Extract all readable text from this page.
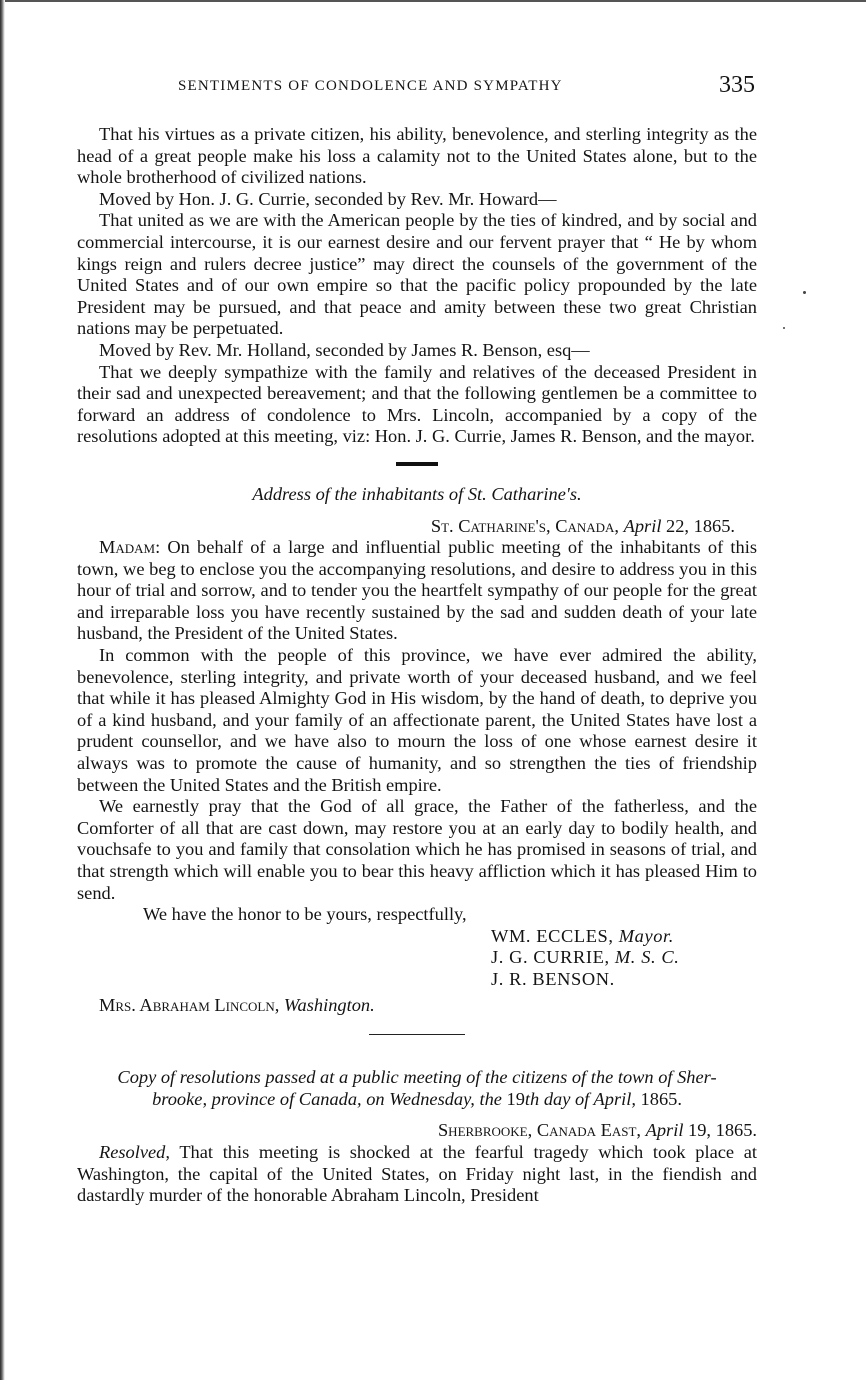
SENTIMENTS OF CONDOLENCE AND SYMPATHY	335

That his virtues as a private citizen, his ability, benevolence, and sterling integrity as the head of a great people make his loss a calamity not to the United States alone, but to the whole brotherhood of civilized nations.

Moved by Hon. J. G. Currie, seconded by Rev. Mr. Howard—

That united as we are with the American people by the ties of kindred, and by social and commercial intercourse, it is our earnest desire and our fervent prayer that “ He by whom kings reign and rulers decree justice” may direct the counsels of the government of the United States and of our own empire so that the pacific policy propounded by the late President may be pursued, and that peace and amity between these two great Christian nations may be perpetuated.

Moved by Rev. Mr. Holland, seconded by James R. Benson, esq—

That we deeply sympathize with the family and relatives of the deceased President in their sad and unexpected bereavement; and that the following gentlemen be a committee to forward an address of condolence to Mrs. Lincoln, accompanied by a copy of the resolutions adopted at this meeting, viz: Hon. J. G. Currie, James R. Benson, and the mayor.

Address of the inhabitants of St. Catharine's.

St. Catharine's, Canada, April 22, 1865.

Madam: On behalf of a large and influential public meeting of the inhabitants of this town, we beg to enclose you the accompanying resolutions, and desire to address you in this hour of trial and sorrow, and to tender you the heartfelt sympathy of our people for the great and irreparable loss you have recently sustained by the sad and sudden death of your late husband, the President of the United States.

In common with the people of this province, we have ever admired the ability, benevolence, sterling integrity, and private worth of your deceased husband, and we feel that while it has pleased Almighty God in His wisdom, by the hand of death, to deprive you of a kind husband, and your family of an affectionate parent, the United States have lost a prudent counsellor, and we have also to mourn the loss of one whose earnest desire it always was to promote the cause of humanity, and so strengthen the ties of friendship between the United States and the British empire.

We earnestly pray that the God of all grace, the Father of the fatherless, and the Comforter of all that are cast down, may restore you at an early day to bodily health, and vouchsafe to you and family that consolation which he has promised in seasons of trial, and that strength which will enable you to bear this heavy affliction which it has pleased Him to send.

We have the honor to be yours, respectfully,

WM. ECCLES, Mayor.

J. G. CURRIE, M. S. C.

J. R. BENSON.

Mrs. Abraham Lincoln, Washington.

Copy of resolutions passed at a public meeting of the citizens of the town of Sher-

brooke, province of Canada, on Wednesday, the 19th day of April, 1865.

Sherbrooke, Canada East, April 19, 1865.

Resolved, That this meeting is shocked at the fearful tragedy which took place at Washington, the capital of the United States, on Friday night last, in the fiendish and dastardly murder of the honorable Abraham Lincoln, President
